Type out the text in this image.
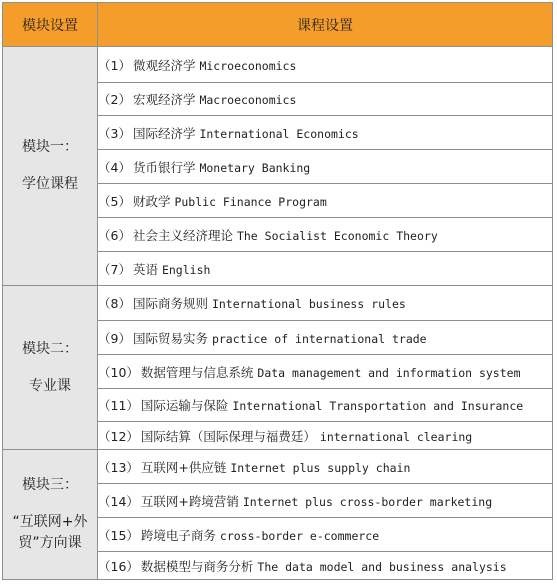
模块设置	课程设置

模块一：
学位课程	（1） 微观经济学 Microeconomics
	（2） 宏观经济学 Macroeconomics
	（3） 国际经济学 International Economics
	（4） 货币银行学 Monetary Banking
	（5） 财政学 Public Finance Program
	（6） 社会主义经济理论 The Socialist Economic Theory
	（7） 英语 English

模块二：
专业课	（8） 国际商务规则 International business rules
	（9） 国际贸易实务 practice of international trade
	（10） 数据管理与信息系统 Data management and information system
	（11） 国际运输与保险 International Transportation and Insurance
	（12） 国际结算（国际保理与福费廷） international clearing

模块三：
“互联网+外
贸”方向课	（13） 互联网+供应链 Internet plus supply chain
	（14） 互联网+跨境营销 Internet plus cross-border marketing
	（15） 跨境电子商务 cross-border e-commerce
	（16） 数据模型与商务分析 The data model and business analysis
